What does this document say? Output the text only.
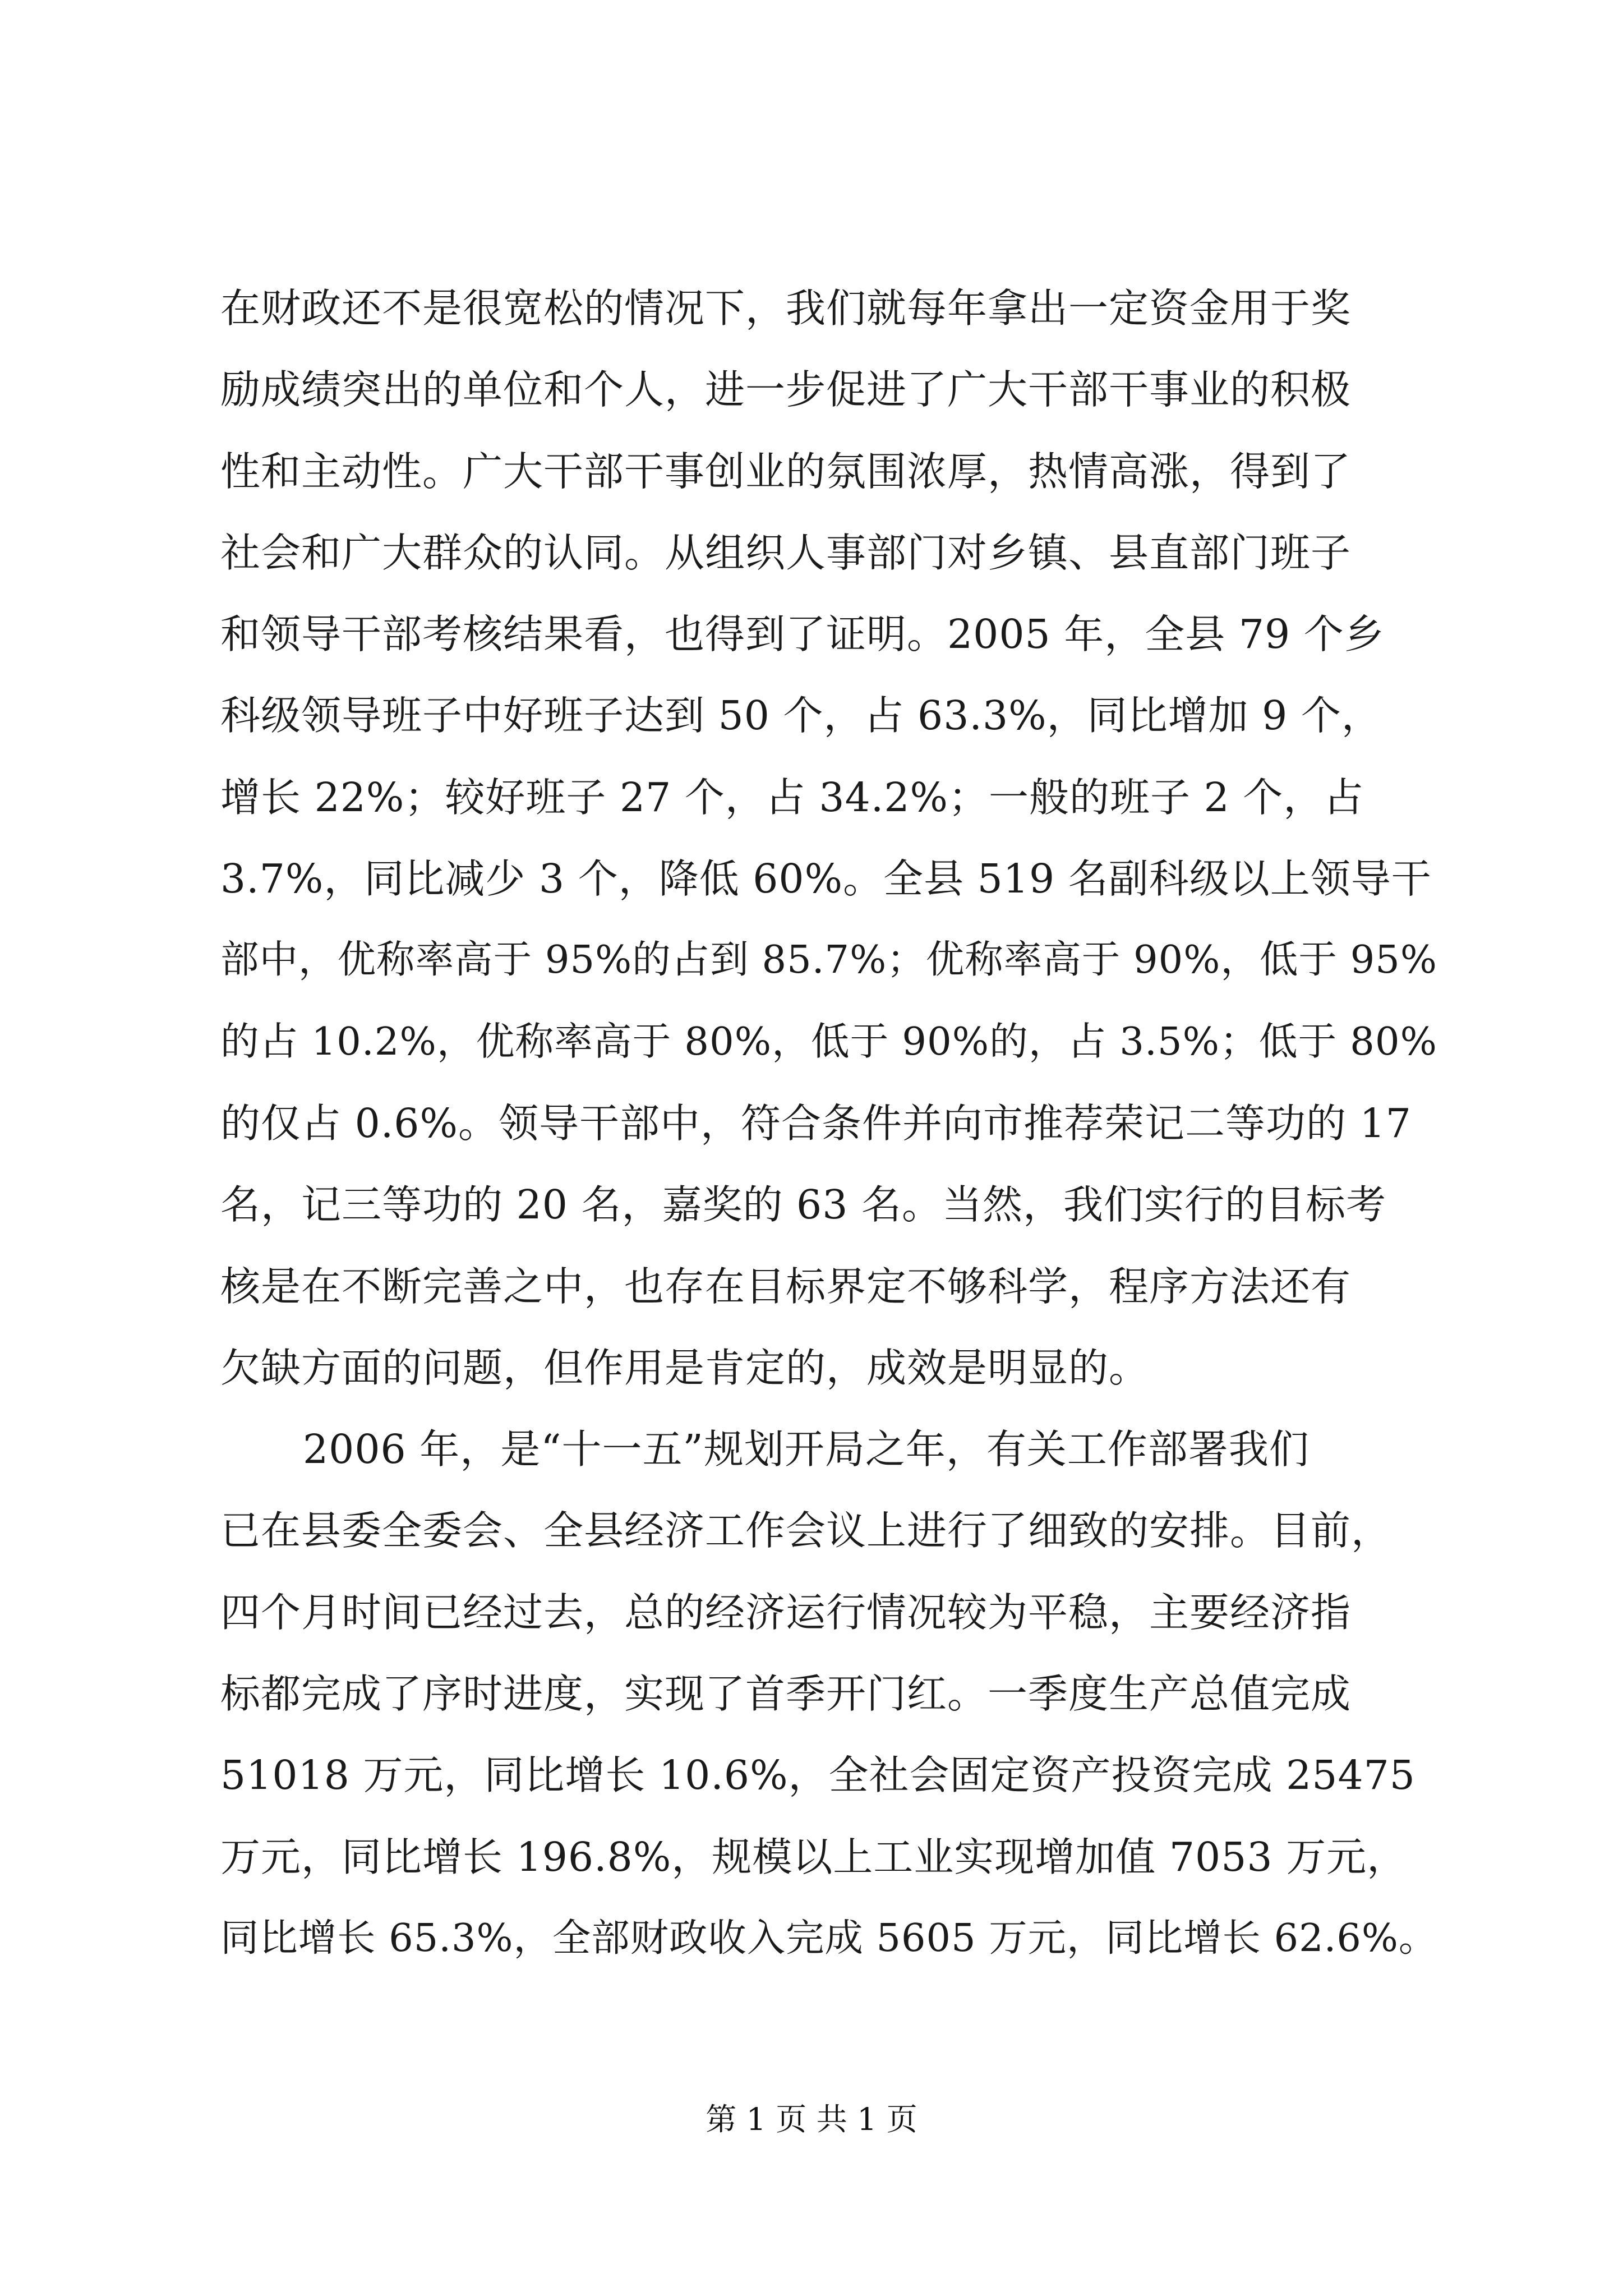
在财政还不是很宽松的情况下，我们就每年拿出一定资金用于奖
励成绩突出的单位和个人，进一步促进了广大干部干事业的积极
性和主动性。广大干部干事创业的氛围浓厚，热情高涨，得到了
社会和广大群众的认同。从组织人事部门对乡镇、县直部门班子
和领导干部考核结果看，也得到了证明。2005 年，全县 79 个乡
科级领导班子中好班子达到 50 个，占 63.3%，同比增加 9 个，
增长 22%；较好班子 27 个，占 34.2%；一般的班子 2 个，占
3.7%，同比减少 3 个，降低 60%。全县 519 名副科级以上领导干
部中，优称率高于 95%的占到 85.7%；优称率高于 90%，低于 95%
的占 10.2%，优称率高于 80%，低于 90%的，占 3.5%；低于 80%
的仅占 0.6%。领导干部中，符合条件并向市推荐荣记二等功的 17
名，记三等功的 20 名，嘉奖的 63 名。当然，我们实行的目标考
核是在不断完善之中，也存在目标界定不够科学，程序方法还有
欠缺方面的问题，但作用是肯定的，成效是明显的。
2006 年，是“十一五”规划开局之年，有关工作部署我们
已在县委全委会、全县经济工作会议上进行了细致的安排。目前，
四个月时间已经过去，总的经济运行情况较为平稳，主要经济指
标都完成了序时进度，实现了首季开门红。一季度生产总值完成
51018 万元，同比增长 10.6%，全社会固定资产投资完成 25475
万元，同比增长 196.8%，规模以上工业实现增加值 7053 万元，
同比增长 65.3%，全部财政收入完成 5605 万元，同比增长 62.6%。
第 1 页 共 1 页
